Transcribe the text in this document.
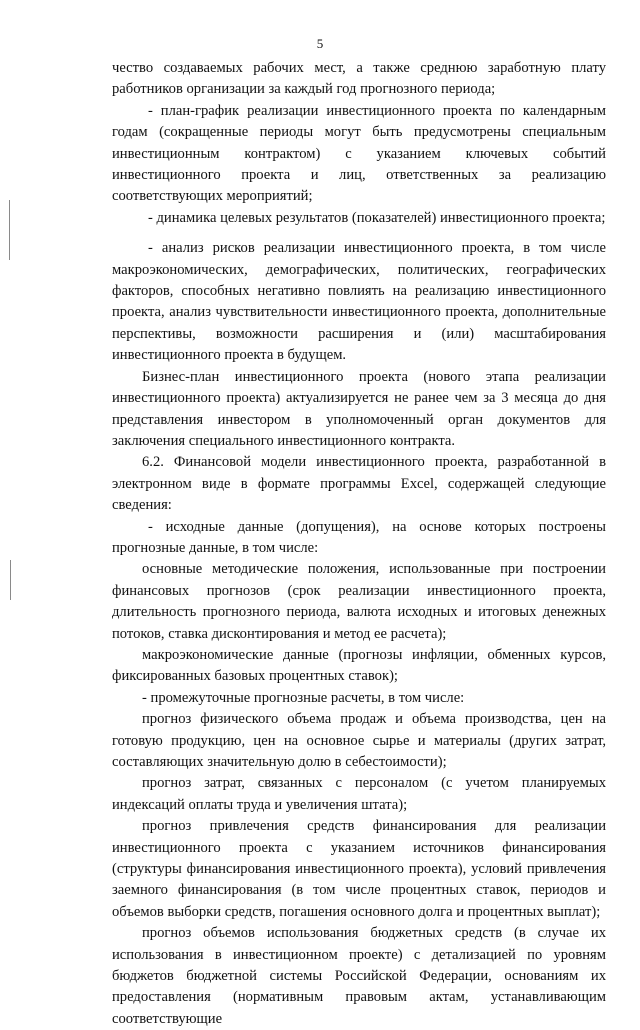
5

чество создаваемых рабочих мест, а также среднюю заработную плату работников организации за каждый год прогнозного периода;

- план-график реализации инвестиционного проекта по календарным годам (сокращенные периоды могут быть предусмотрены специальным инвестиционным контрактом) с указанием ключевых событий инвестиционного проекта и лиц, ответственных за реализацию соответствующих мероприятий;

- динамика целевых результатов (показателей) инвестиционного проекта;

- анализ рисков реализации инвестиционного проекта, в том числе макроэкономических, демографических, политических, географических факторов, способных негативно повлиять на реализацию инвестиционного проекта, анализ чувствительности инвестиционного проекта, дополнительные перспективы, возможности расширения и (или) масштабирования инвестиционного проекта в будущем.

Бизнес-план инвестиционного проекта (нового этапа реализации инвестиционного проекта) актуализируется не ранее чем за 3 месяца до дня представления инвестором в уполномоченный орган документов для заключения специального инвестиционного контракта.

6.2. Финансовой модели инвестиционного проекта, разработанной в электронном виде в формате программы Excel, содержащей следующие сведения:

- исходные данные (допущения), на основе которых построены прогнозные данные, в том числе:

основные методические положения, использованные при построении финансовых прогнозов (срок реализации инвестиционного проекта, длительность прогнозного периода, валюта исходных и итоговых денежных потоков, ставка дисконтирования и метод ее расчета);

макроэкономические данные (прогнозы инфляции, обменных курсов, фиксированных базовых процентных ставок);

- промежуточные прогнозные расчеты, в том числе:

прогноз физического объема продаж и объема производства, цен на готовую продукцию, цен на основное сырье и материалы (других затрат, составляющих значительную долю в себестоимости);

прогноз затрат, связанных с персоналом (с учетом планируемых индексаций оплаты труда и увеличения штата);

прогноз привлечения средств финансирования для реализации инвестиционного проекта с указанием источников финансирования (структуры финансирования инвестиционного проекта), условий привлечения заемного финансирования (в том числе процентных ставок, периодов и объемов выборки средств, погашения основного долга и процентных выплат);

прогноз объемов использования бюджетных средств (в случае их использования в инвестиционном проекте) с детализацией по уровням бюджетов бюджетной системы Российской Федерации, основаниям их предоставления (нормативным правовым актам, устанавливающим соответствующие
